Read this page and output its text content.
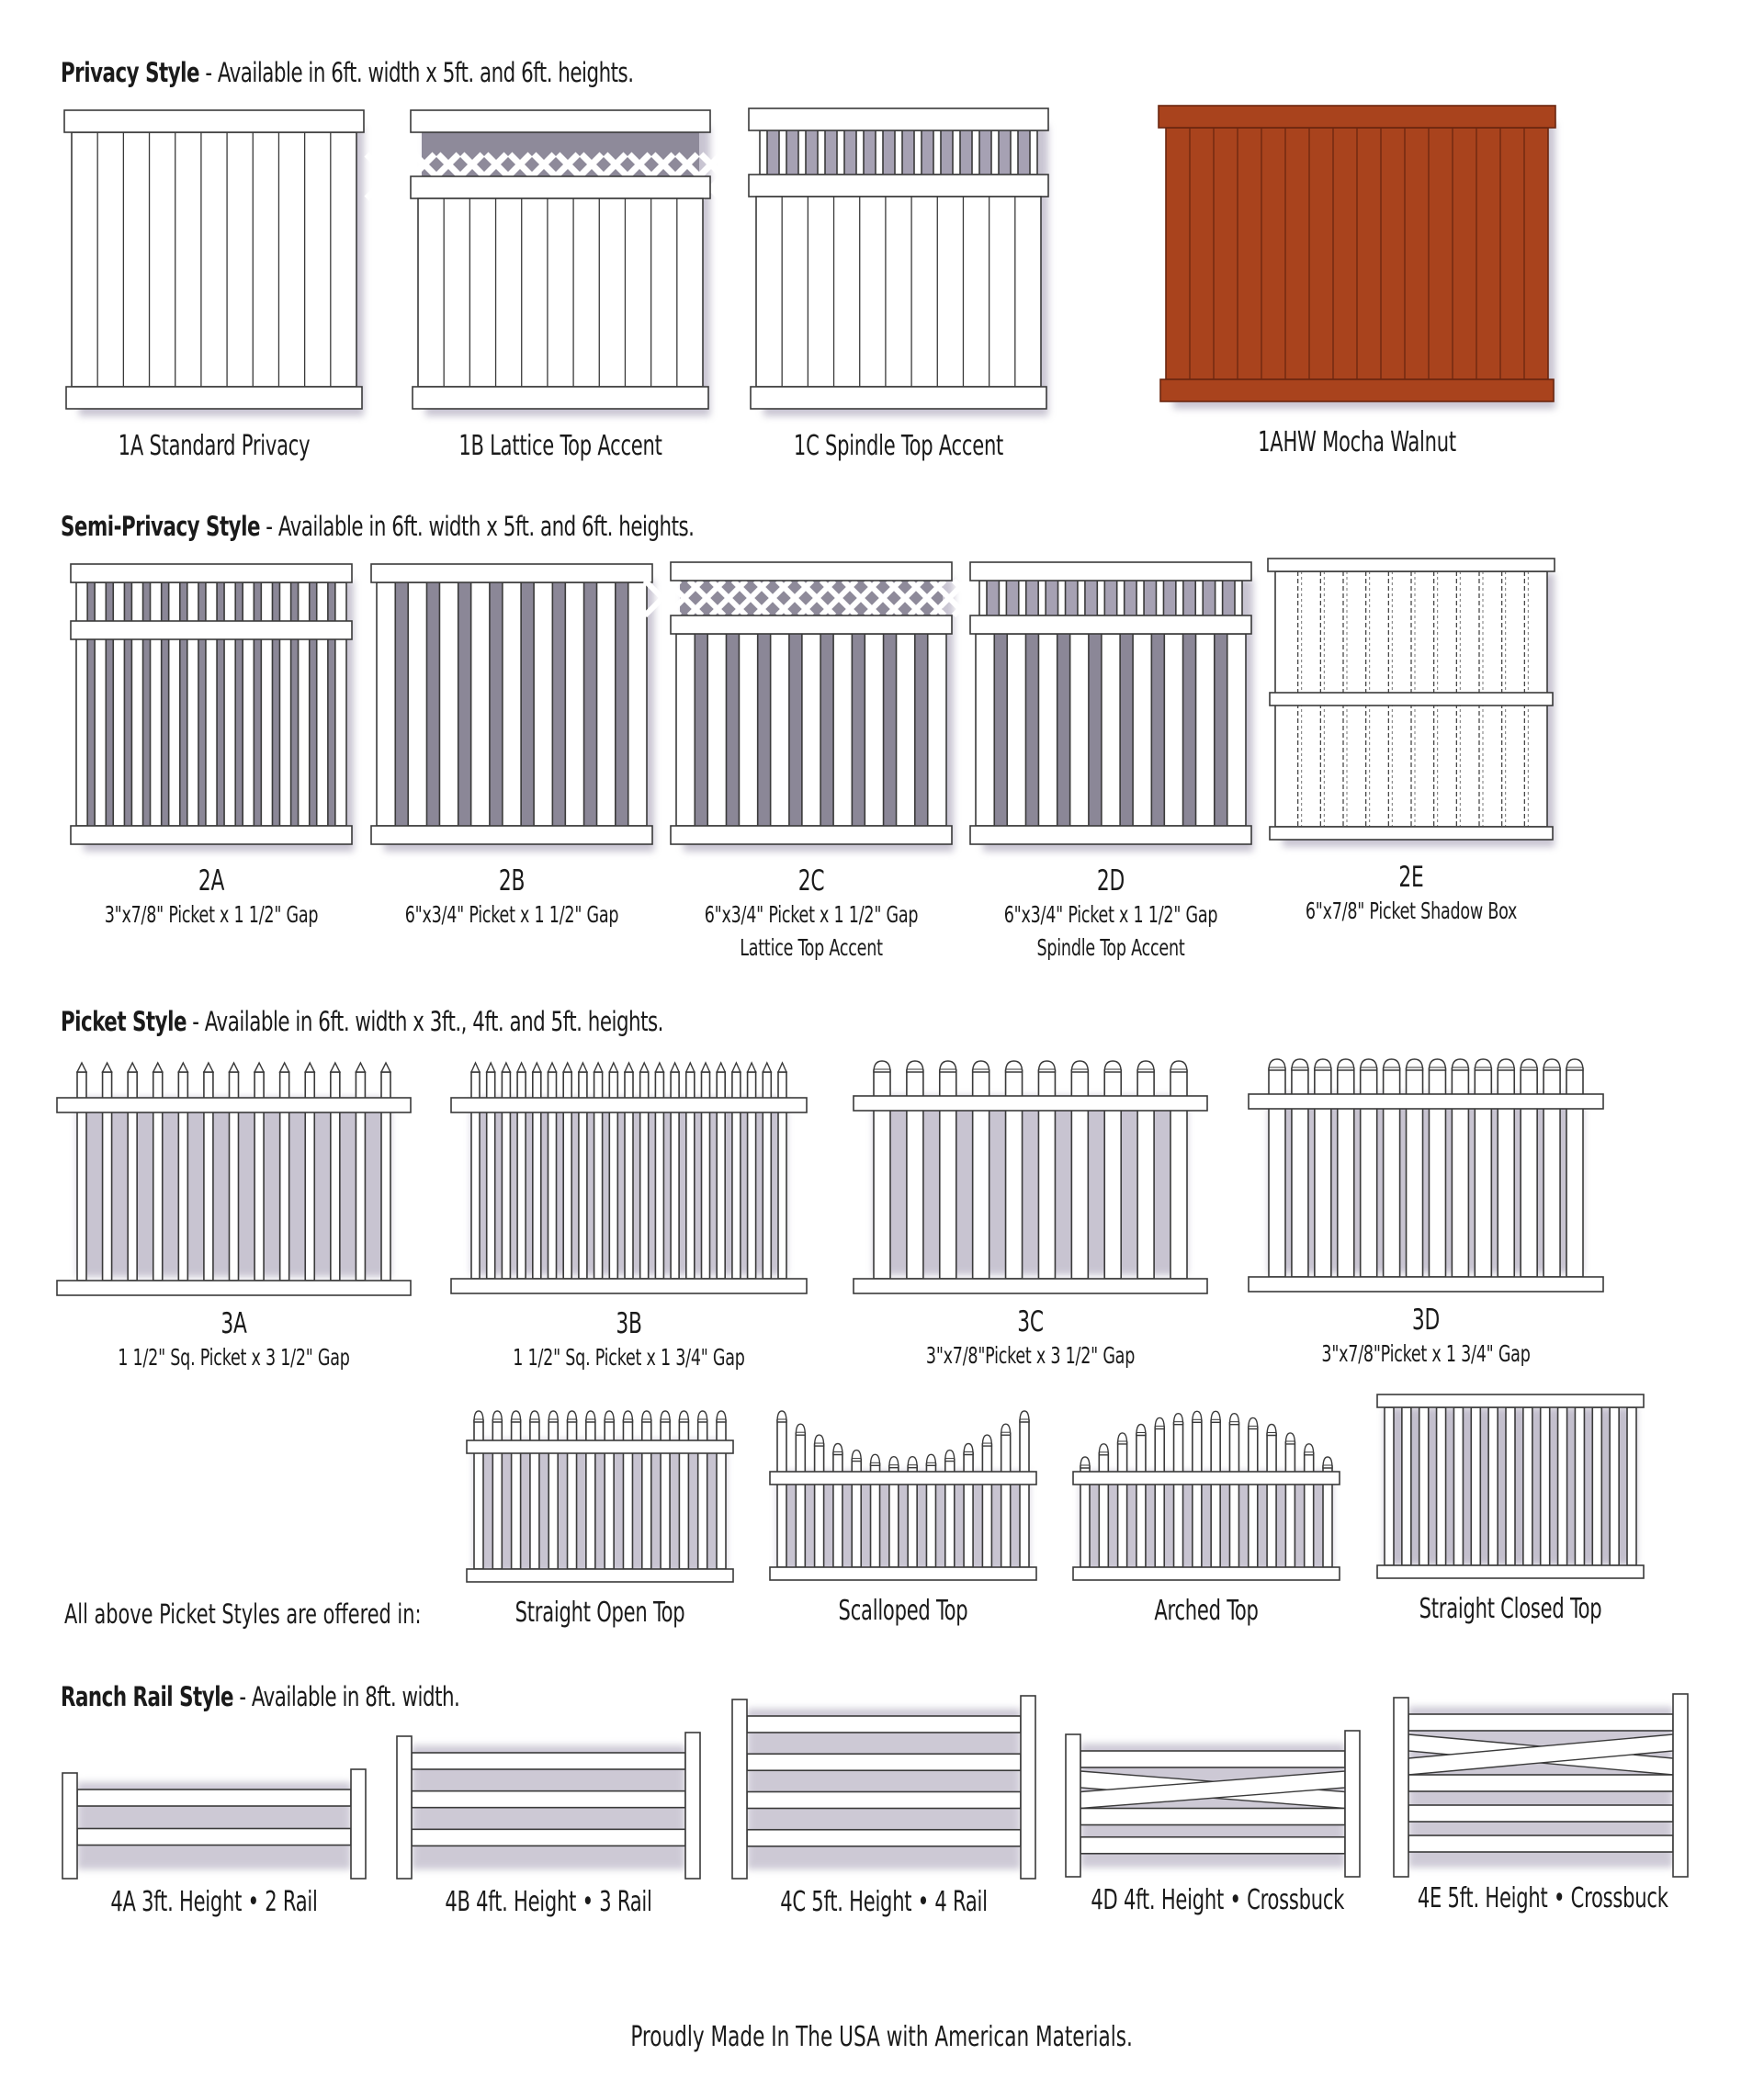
Privacy Style - Available in 6ft. width x 5ft. and 6ft. heights.
1A Standard Privacy	1B Lattice Top Accent	1C Spindle Top Accent	1AHW Mocha Walnut
Semi-Privacy Style - Available in 6ft. width x 5ft. and 6ft. heights.
2A
3"x7/8" Picket x 1 1/2" Gap
2B
6"x3/4" Picket x 1 1/2" Gap
2C
6"x3/4" Picket x 1 1/2" Gap
Lattice Top Accent
2D
6"x3/4" Picket x 1 1/2" Gap
Spindle Top Accent
2E
6"x7/8" Picket Shadow Box
Picket Style - Available in 6ft. width x 3ft., 4ft. and 5ft. heights.
3A
1 1/2" Sq. Picket x 3 1/2" Gap
3B
1 1/2" Sq. Picket x 1 3/4" Gap
3C
3"x7/8"Picket x 3 1/2" Gap
3D
3"x7/8"Picket x 1 3/4" Gap
All above Picket Styles are offered in:	Straight Open Top	Scalloped Top	Arched Top	Straight Closed Top
Ranch Rail Style - Available in 8ft. width.
4A 3ft. Height • 2 Rail	4B 4ft. Height • 3 Rail	4C 5ft. Height • 4 Rail	4D 4ft. Height • Crossbuck	4E 5ft. Height • Crossbuck
Proudly Made In The USA with American Materials.
